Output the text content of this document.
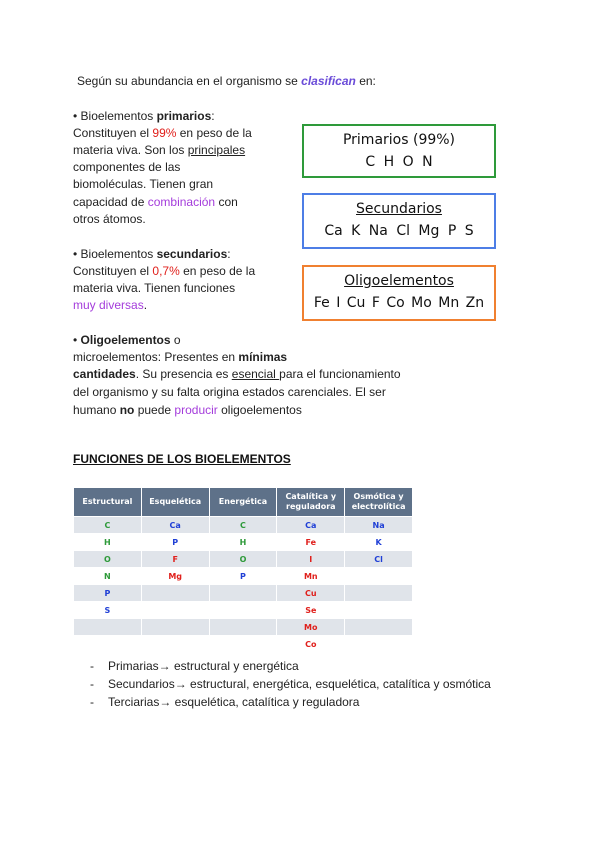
Según su abundancia en el organismo se clasifican en:
• Bioelementos primarios:
Constituyen el 99% en peso de la
materia viva. Son los principales
componentes de las
biomoléculas. Tienen gran
capacidad de combinación con
otros átomos.
• Bioelementos secundarios:
Constituyen el 0,7% en peso de la
materia viva. Tienen funciones
muy diversas.
• Oligoelementos o
microelementos: Presentes en mínimas
cantidades. Su presencia es esencial para el funcionamiento
del organismo y su falta origina estados carenciales. El ser
humano no puede producir oligoelementos
Primarios (99%)
C H O N
Secundarios
Ca K Na Cl Mg P S
Oligoelementos
Fe I Cu F Co Mo Mn Zn
FUNCIONES DE LOS BIOELEMENTOS
Estructural	Esquelética	Energética	Catalítica y reguladora	Osmótica y electrolítica
C	Ca	C	Ca	Na
H	P	H	Fe	K
O	F	O	I	Cl
N	Mg	P	Mn	
P			Cu	
S			Se	
			Mo	
			Co	
- Primarias→ estructural y energética
- Secundarios→ estructural, energética, esquelética, catalítica y osmótica
- Terciarias→ esquelética, catalítica y reguladora
